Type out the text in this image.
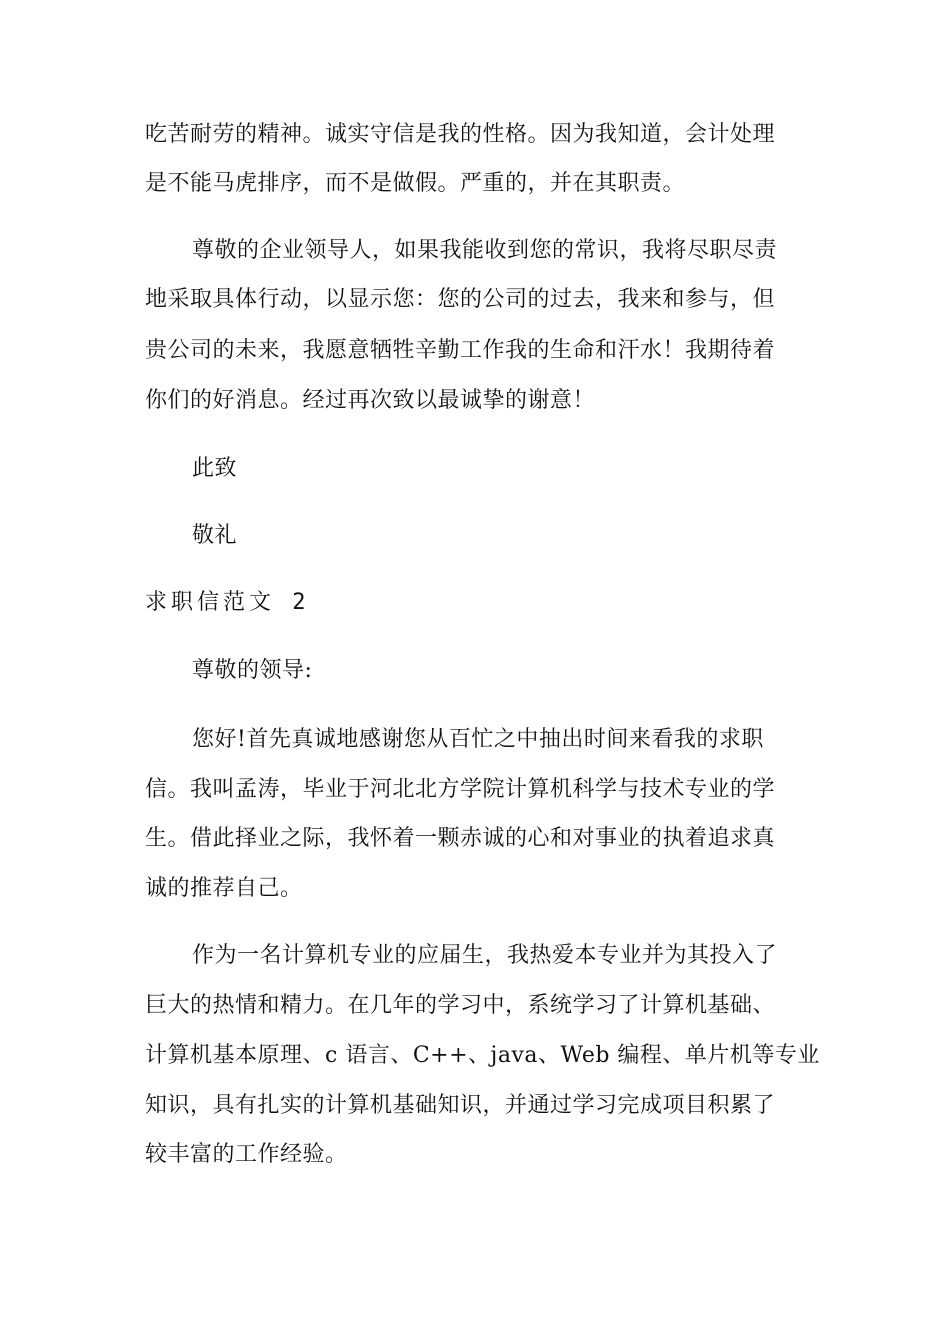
吃苦耐劳的精神。诚实守信是我的性格。因为我知道，会计处理
是不能马虎排序，而不是做假。严重的，并在其职责。
尊敬的企业领导人，如果我能收到您的常识，我将尽职尽责
地采取具体行动，以显示您：您的公司的过去，我来和参与，但
贵公司的未来，我愿意牺牲辛勤工作我的生命和汗水！我期待着
你们的好消息。经过再次致以最诚挚的谢意！
此致
敬礼
求职信范文 2
尊敬的领导:
您好!首先真诚地感谢您从百忙之中抽出时间来看我的求职
信。我叫孟涛，毕业于河北北方学院计算机科学与技术专业的学
生。借此择业之际，我怀着一颗赤诚的心和对事业的执着追求真
诚的推荐自己。
作为一名计算机专业的应届生，我热爱本专业并为其投入了
巨大的热情和精力。在几年的学习中，系统学习了计算机基础、
计算机基本原理、c 语言、C++、java、Web 编程、单片机等专业
知识，具有扎实的计算机基础知识，并通过学习完成项目积累了
较丰富的工作经验。
